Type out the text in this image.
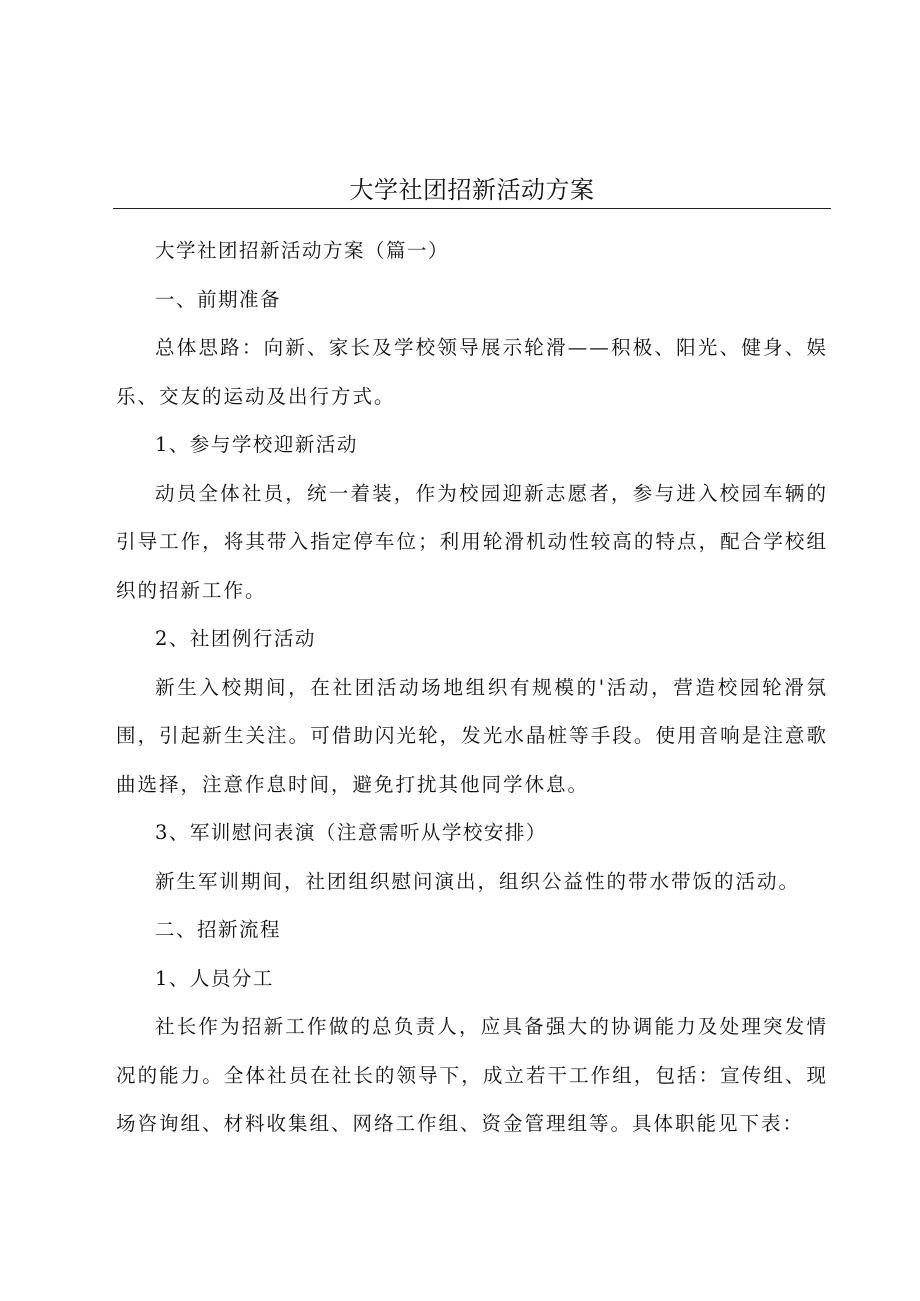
大学社团招新活动方案

大学社团招新活动方案（篇一）

一、前期准备

总体思路：向新、家长及学校领导展示轮滑——积极、阳光、健身、娱乐、交友的运动及出行方式。

1、参与学校迎新活动

动员全体社员，统一着装，作为校园迎新志愿者，参与进入校园车辆的引导工作，将其带入指定停车位；利用轮滑机动性较高的特点，配合学校组织的招新工作。

2、社团例行活动

新生入校期间，在社团活动场地组织有规模的'活动，营造校园轮滑氛围，引起新生关注。可借助闪光轮，发光水晶桩等手段。使用音响是注意歌曲选择，注意作息时间，避免打扰其他同学休息。

3、军训慰问表演（注意需听从学校安排）

新生军训期间，社团组织慰问演出，组织公益性的带水带饭的活动。

二、招新流程

1、人员分工

社长作为招新工作做的总负责人，应具备强大的协调能力及处理突发情况的能力。全体社员在社长的领导下，成立若干工作组，包括：宣传组、现场咨询组、材料收集组、网络工作组、资金管理组等。具体职能见下表：
